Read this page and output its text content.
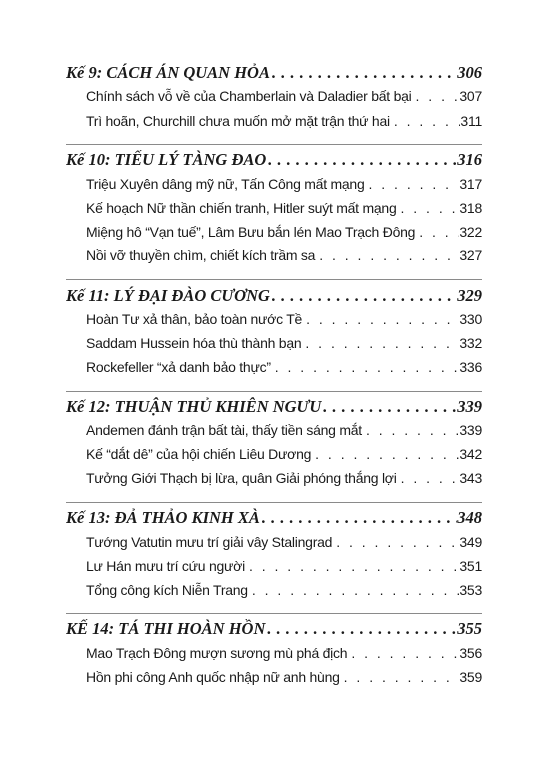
Kế 9: CÁCH ÁN QUAN HỎA . . .	306
Chính sách vỗ về của Chamberlain và Daladier bất bại . . .	307
Trì hoãn, Churchill chưa muốn mở mặt trận thứ hai . . .	311
Kế 10: TIẾU LÝ TÀNG ĐAO . . .	316
Triệu Xuyên dâng mỹ nữ, Tấn Công mất mạng . . .	317
Kế hoạch Nữ thần chiến tranh, Hitler suýt mất mạng . . .	318
Miệng hô “Vạn tuế”, Lâm Bưu bắn lén Mao Trạch Đông . . .	322
Nồi vỡ thuyền chìm, chiết kích trầm sa . . .	327
Kế 11: LÝ ĐẠI ĐÀO CƯƠNG . . .	329
Hoàn Tư xả thân, bảo toàn nước Tề . . .	330
Saddam Hussein hóa thù thành bạn . . .	332
Rockefeller “xả danh bảo thực” . . .	336
Kế 12: THUẬN THỦ KHIÊN NGƯU . . .	339
Andemen đánh trận bất tài, thấy tiền sáng mắt . . .	339
Kế “dắt dê” của hội chiến Liêu Dương . . .	342
Tưởng Giới Thạch bị lừa, quân Giải phóng thắng lợi . . .	343
Kế 13: ĐẢ THẢO KINH XÀ . . .	348
Tướng Vatutin mưu trí giải vây Stalingrad . . .	349
Lư Hán mưu trí cứu người . . .	351
Tổng công kích Niễn Trang . . .	353
KẾ 14: TÁ THI HOÀN HỒN . . .	355
Mao Trạch Đông mượn sương mù phá địch . . .	356
Hồn phi công Anh quốc nhập nữ anh hùng . . .	359
